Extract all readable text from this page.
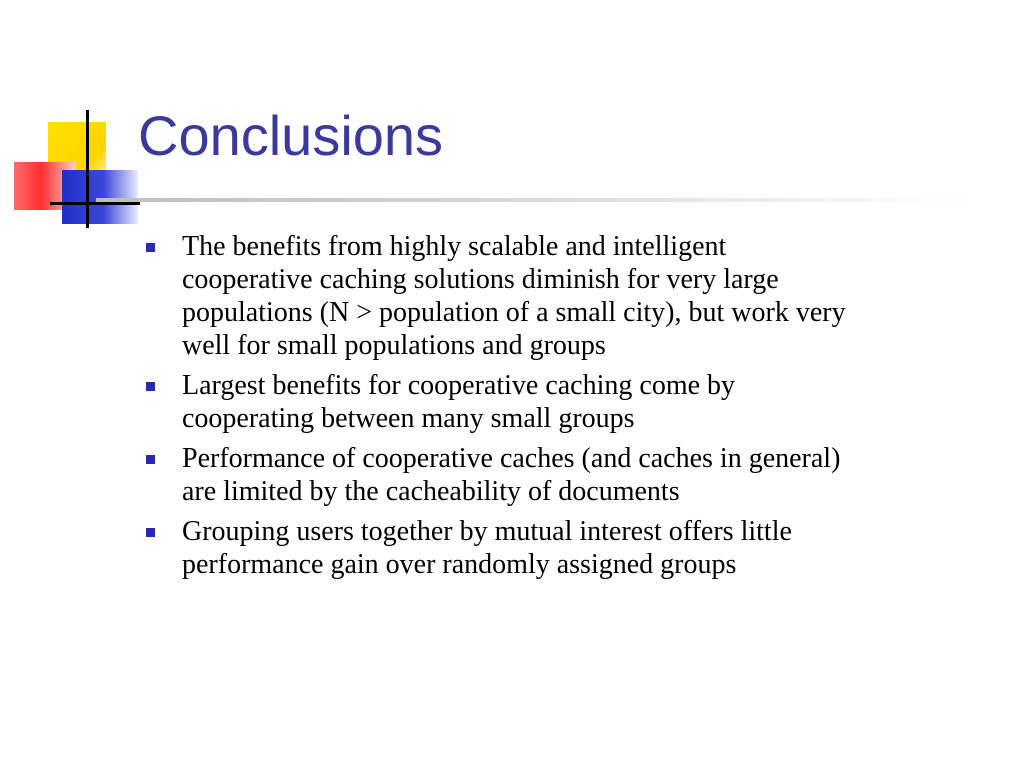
Conclusions
The benefits from highly scalable and intelligent
cooperative caching solutions diminish for very large
populations (N > population of a small city), but work very
well for small populations and groups
Largest benefits for cooperative caching come by
cooperating between many small groups
Performance of cooperative caches (and caches in general)
are limited by the cacheability of documents
Grouping users together by mutual interest offers little
performance gain over randomly assigned groups
